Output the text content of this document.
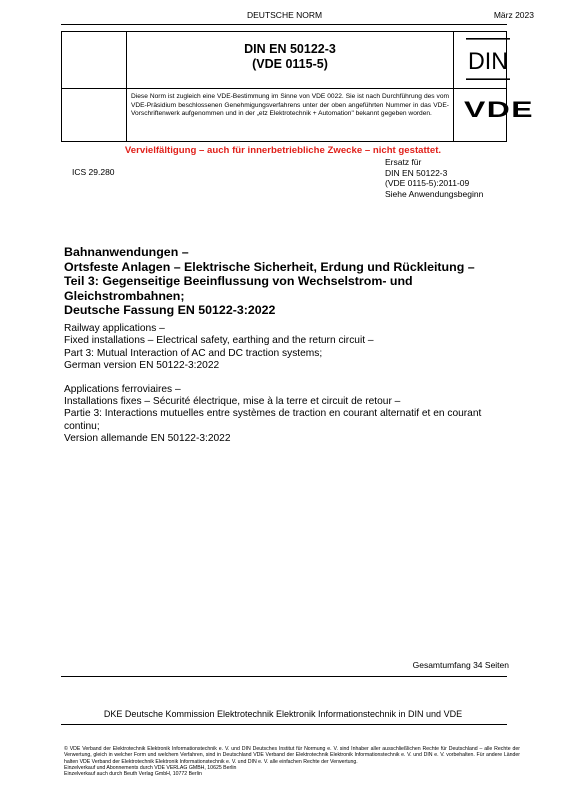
DEUTSCHE NORM	März 2023
DIN EN 50122-3
(VDE 0115-5)
Diese Norm ist zugleich eine VDE-Bestimmung im Sinne von VDE 0022. Sie ist nach Durchführung des vom VDE-Präsidium beschlossenen Genehmigungsverfahrens unter der oben angeführten Nummer in das VDE-Vorschriftenwerk aufgenommen und in der „etz Elektrotechnik + Automation" bekannt gegeben worden.
DIN
VDE
Vervielfältigung – auch für innerbetriebliche Zwecke – nicht gestattet.
ICS 29.280
Ersatz für
DIN EN 50122-3
(VDE 0115-5):2011-09
Siehe Anwendungsbeginn
Bahnanwendungen –
Ortsfeste Anlagen – Elektrische Sicherheit, Erdung und Rückleitung –
Teil 3: Gegenseitige Beeinflussung von Wechselstrom- und
Gleichstrombahnen;
Deutsche Fassung EN 50122-3:2022
Railway applications –
Fixed installations – Electrical safety, earthing and the return circuit –
Part 3: Mutual Interaction of AC and DC traction systems;
German version EN 50122-3:2022
Applications ferroviaires –
Installations fixes – Sécurité électrique, mise à la terre et circuit de retour –
Partie 3: Interactions mutuelles entre systèmes de traction en courant alternatif et en courant continu;
Version allemande EN 50122-3:2022
Gesamtumfang 34 Seiten
DKE Deutsche Kommission Elektrotechnik Elektronik Informationstechnik in DIN und VDE
© VDE Verband der Elektrotechnik Elektronik Informationstechnik e. V. und DIN Deutsches Institut für Normung e. V. sind Inhaber aller ausschließlichen Rechte für Deutschland – alle Rechte der Verwertung, gleich in welcher Form und welchem Verfahren, sind in Deutschland VDE Verband der Elektrotechnik Elektronik Informationstechnik e. V. und DIN e. V. vorbehalten. Für andere Länder halten VDE Verband der Elektrotechnik Elektronik Informationstechnik e. V. und DIN e. V. alle einfachen Rechte der Verwertung.
Einzelverkauf und Abonnements durch VDE VERLAG GMBH, 10625 Berlin
Einzelverkauf auch durch Beuth Verlag GmbH, 10772 Berlin
